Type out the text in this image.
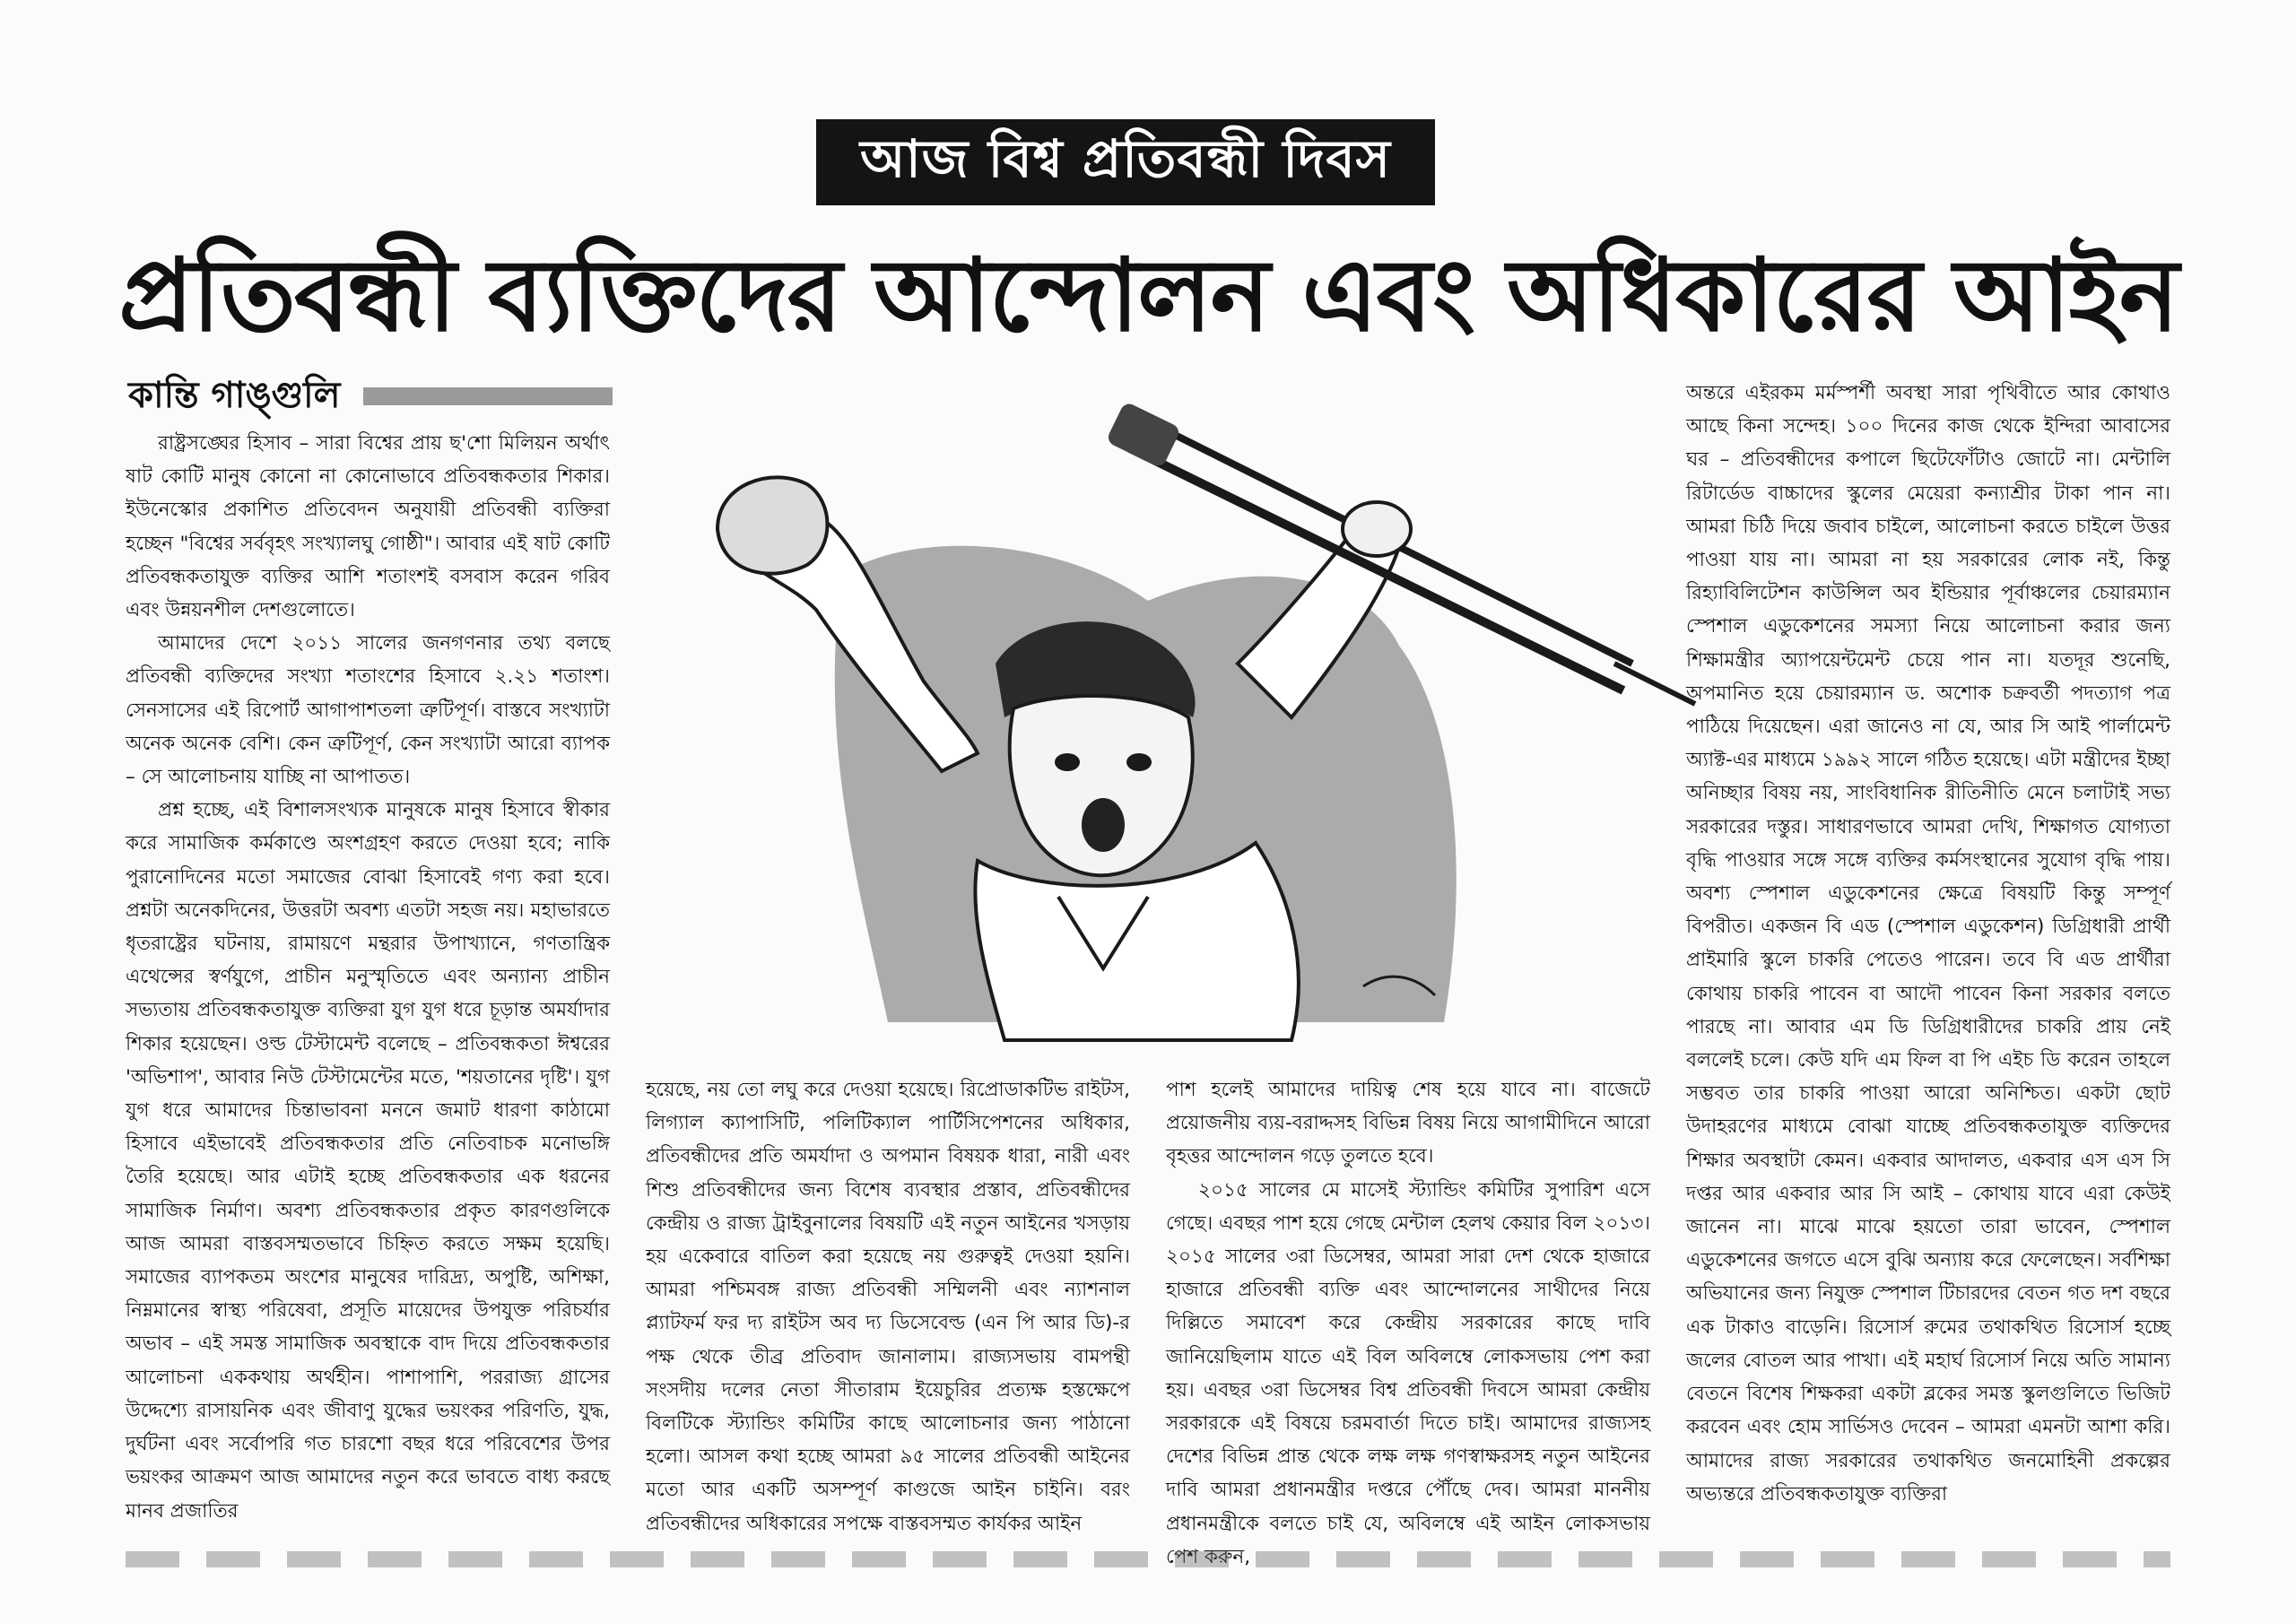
আজ বিশ্ব প্রতিবন্ধী দিবস
প্রতিবন্ধী ব্যক্তিদের আন্দোলন এবং অধিকারের আইন
কান্তি গাঙ্গুলি

রাষ্ট্রসঙ্ঘের হিসাব – সারা বিশ্বের প্রায় ছ'শো মিলিয়ন অর্থাৎ ষাট কোটি মানুষ কোনো না কোনোভাবে প্রতিবন্ধকতার শিকার। ইউনেস্কোর প্রকাশিত প্রতিবেদন অনুযায়ী প্রতিবন্ধী ব্যক্তিরা হচ্ছেন "বিশ্বের সর্ববৃহৎ সংখ্যালঘু গোষ্ঠী"। আবার এই ষাট কোটি প্রতিবন্ধকতাযুক্ত ব্যক্তির আশি শতাংশই বসবাস করেন গরিব এবং উন্নয়নশীল দেশগুলোতে।

আমাদের দেশে ২০১১ সালের জনগণনার তথ্য বলছে প্রতিবন্ধী ব্যক্তিদের সংখ্যা শতাংশের হিসাবে ২.২১ শতাংশ। সেনসাসের এই রিপোর্ট আগাপাশতলা ত্রুটিপূর্ণ। বাস্তবে সংখ্যাটা অনেক অনেক বেশি। কেন ত্রুটিপূর্ণ, কেন সংখ্যাটা আরো ব্যাপক – সে আলোচনায় যাচ্ছি না আপাতত।

প্রশ্ন হচ্ছে, এই বিশালসংখ্যক মানুষকে মানুষ হিসাবে স্বীকার করে সামাজিক কর্মকাণ্ডে অংশগ্রহণ করতে দেওয়া হবে; নাকি পুরানোদিনের মতো সমাজের বোঝা হিসাবেই গণ্য করা হবে। প্রশ্নটা অনেকদিনের, উত্তরটা অবশ্য এতটা সহজ নয়। মহাভারতে ধৃতরাষ্ট্রের ঘটনায়, রামায়ণে মন্থরার উপাখ্যানে, গণতান্ত্রিক এথেন্সের স্বর্ণযুগে, প্রাচীন মনুস্মৃতিতে এবং অন্যান্য প্রাচীন সভ্যতায় প্রতিবন্ধকতাযুক্ত ব্যক্তিরা যুগ যুগ ধরে চূড়ান্ত অমর্যাদার শিকার হয়েছেন। ওল্ড টেস্টামেন্ট বলেছে – প্রতিবন্ধকতা ঈশ্বরের 'অভিশাপ', আবার নিউ টেস্টামেন্টের মতে, 'শয়তানের দৃষ্টি'। যুগ যুগ ধরে আমাদের চিন্তাভাবনা মননে জমাট ধারণা কাঠামো হিসাবে এইভাবেই প্রতিবন্ধকতার প্রতি নেতিবাচক মনোভঙ্গি তৈরি হয়েছে। আর এটাই হচ্ছে প্রতিবন্ধকতার এক ধরনের সামাজিক নির্মাণ। অবশ্য প্রতিবন্ধকতার প্রকৃত কারণগুলিকে আজ আমরা বাস্তবসম্মতভাবে চিহ্নিত করতে সক্ষম হয়েছি। সমাজের ব্যাপকতম অংশের মানুষের দারিদ্র্য, অপুষ্টি, অশিক্ষা, নিম্নমানের স্বাস্থ্য পরিষেবা, প্রসূতি মায়েদের উপযুক্ত পরিচর্যার অভাব – এই সমস্ত সামাজিক অবস্থাকে বাদ দিয়ে প্রতিবন্ধকতার আলোচনা এককথায় অর্থহীন। পাশাপাশি, পররাজ্য গ্রাসের উদ্দেশ্যে রাসায়নিক এবং জীবাণু যুদ্ধের ভয়ংকর পরিণতি, যুদ্ধ, দুর্ঘটনা এবং সর্বোপরি গত চারশো বছর ধরে পরিবেশের উপর ভয়ংকর আক্রমণ আজ আমাদের নতুন করে ভাবতে বাধ্য করছে মানব প্রজাতির

হয়েছে, নয় তো লঘু করে দেওয়া হয়েছে। রিপ্রোডাকটিভ রাইটস, লিগ্যাল ক্যাপাসিটি, পলিটিক্যাল পার্টিসিপেশনের অধিকার, প্রতিবন্ধীদের প্রতি অমর্যাদা ও অপমান বিষয়ক ধারা, নারী এবং শিশু প্রতিবন্ধীদের জন্য বিশেষ ব্যবস্থার প্রস্তাব, প্রতিবন্ধীদের কেন্দ্রীয় ও রাজ্য ট্রাইবুনালের বিষয়টি এই নতুন আইনের খসড়ায় হয় একেবারে বাতিল করা হয়েছে নয় গুরুত্বই দেওয়া হয়নি। আমরা পশ্চিমবঙ্গ রাজ্য প্রতিবন্ধী সম্মিলনী এবং ন্যাশনাল প্ল্যাটফর্ম ফর দ্য রাইটস অব দ্য ডিসেবেল্ড (এন পি আর ডি)-র পক্ষ থেকে তীব্র প্রতিবাদ জানালাম। রাজ্যসভায় বামপন্থী সংসদীয় দলের নেতা সীতারাম ইয়েচুরির প্রত্যক্ষ হস্তক্ষেপে বিলটিকে স্ট্যান্ডিং কমিটির কাছে আলোচনার জন্য পাঠানো হলো। আসল কথা হচ্ছে আমরা ৯৫ সালের প্রতিবন্ধী আইনের মতো আর একটি অসম্পূর্ণ কাগুজে আইন চাইনি। বরং প্রতিবন্ধীদের অধিকারের সপক্ষে বাস্তবসম্মত কার্যকর আইন

পাশ হলেই আমাদের দায়িত্ব শেষ হয়ে যাবে না। বাজেটে প্রয়োজনীয় ব্যয়-বরাদ্দসহ বিভিন্ন বিষয় নিয়ে আগামীদিনে আরো বৃহত্তর আন্দোলন গড়ে তুলতে হবে।

২০১৫ সালের মে মাসেই স্ট্যান্ডিং কমিটির সুপারিশ এসে গেছে। এবছর পাশ হয়ে গেছে মেন্টাল হেলথ কেয়ার বিল ২০১৩। ২০১৫ সালের ৩রা ডিসেম্বর, আমরা সারা দেশ থেকে হাজারে হাজারে প্রতিবন্ধী ব্যক্তি এবং আন্দোলনের সাথীদের নিয়ে দিল্লিতে সমাবেশ করে কেন্দ্রীয় সরকারের কাছে দাবি জানিয়েছিলাম যাতে এই বিল অবিলম্বে লোকসভায় পেশ করা হয়। এবছর ৩রা ডিসেম্বর বিশ্ব প্রতিবন্ধী দিবসে আমরা কেন্দ্রীয় সরকারকে এই বিষয়ে চরমবার্তা দিতে চাই। আমাদের রাজ্যসহ দেশের বিভিন্ন প্রান্ত থেকে লক্ষ লক্ষ গণস্বাক্ষরসহ নতুন আইনের দাবি আমরা প্রধানমন্ত্রীর দপ্তরে পৌঁছে দেব। আমরা মাননীয় প্রধানমন্ত্রীকে বলতে চাই যে, অবিলম্বে এই আইন লোকসভায় পেশ করুন,

অন্তরে এইরকম মর্মস্পর্শী অবস্থা সারা পৃথিবীতে আর কোথাও আছে কিনা সন্দেহ। ১০০ দিনের কাজ থেকে ইন্দিরা আবাসের ঘর – প্রতিবন্ধীদের কপালে ছিটেফোঁটাও জোটে না। মেন্টালি রিটার্ডেড বাচ্চাদের স্কুলের মেয়েরা কন্যাশ্রীর টাকা পান না। আমরা চিঠি দিয়ে জবাব চাইলে, আলোচনা করতে চাইলে উত্তর পাওয়া যায় না। আমরা না হয় সরকারের লোক নই, কিন্তু রিহ্যাবিলিটেশন কাউন্সিল অব ইন্ডিয়ার পূর্বাঞ্চলের চেয়ারম্যান স্পেশাল এডুকেশনের সমস্যা নিয়ে আলোচনা করার জন্য শিক্ষামন্ত্রীর অ্যাপয়েন্টমেন্ট চেয়ে পান না। যতদূর শুনেছি, অপমানিত হয়ে চেয়ারম্যান ড. অশোক চক্রবর্তী পদত্যাগ পত্র পাঠিয়ে দিয়েছেন। এরা জানেও না যে, আর সি আই পার্লামেন্ট অ্যাক্ট-এর মাধ্যমে ১৯৯২ সালে গঠিত হয়েছে। এটা মন্ত্রীদের ইচ্ছা অনিচ্ছার বিষয় নয়, সাংবিধানিক রীতিনীতি মেনে চলাটাই সভ্য সরকারের দস্তুর। সাধারণভাবে আমরা দেখি, শিক্ষাগত যোগ্যতা বৃদ্ধি পাওয়ার সঙ্গে সঙ্গে ব্যক্তির কর্মসংস্থানের সুযোগ বৃদ্ধি পায়। অবশ্য স্পেশাল এডুকেশনের ক্ষেত্রে বিষয়টি কিন্তু সম্পূর্ণ বিপরীত। একজন বি এড (স্পেশাল এডুকেশন) ডিগ্রিধারী প্রার্থী প্রাইমারি স্কুলে চাকরি পেতেও পারেন। তবে বি এড প্রার্থীরা কোথায় চাকরি পাবেন বা আদৌ পাবেন কিনা সরকার বলতে পারছে না। আবার এম ডি ডিগ্রিধারীদের চাকরি প্রায় নেই বললেই চলে। কেউ যদি এম ফিল বা পি এইচ ডি করেন তাহলে সম্ভবত তার চাকরি পাওয়া আরো অনিশ্চিত। একটা ছোট উদাহরণের মাধ্যমে বোঝা যাচ্ছে প্রতিবন্ধকতাযুক্ত ব্যক্তিদের শিক্ষার অবস্থাটা কেমন। একবার আদালত, একবার এস এস সি দপ্তর আর একবার আর সি আই – কোথায় যাবে এরা কেউই জানেন না। মাঝে মাঝে হয়তো তারা ভাবেন, স্পেশাল এডুকেশনের জগতে এসে বুঝি অন্যায় করে ফেলেছেন। সর্বশিক্ষা অভিযানের জন্য নিযুক্ত স্পেশাল টিচারদের বেতন গত দশ বছরে এক টাকাও বাড়েনি। রিসোর্স রুমের তথাকথিত রিসোর্স হচ্ছে জলের বোতল আর পাখা। এই মহার্ঘ রিসোর্স নিয়ে অতি সামান্য বেতনে বিশেষ শিক্ষকরা একটা ব্লকের সমস্ত স্কুলগুলিতে ভিজিট করবেন এবং হোম সার্ভিসও দেবেন – আমরা এমনটা আশা করি। আমাদের রাজ্য সরকারের তথাকথিত জনমোহিনী প্রকল্পের অভ্যন্তরে প্রতিবন্ধকতাযুক্ত ব্যক্তিরা
